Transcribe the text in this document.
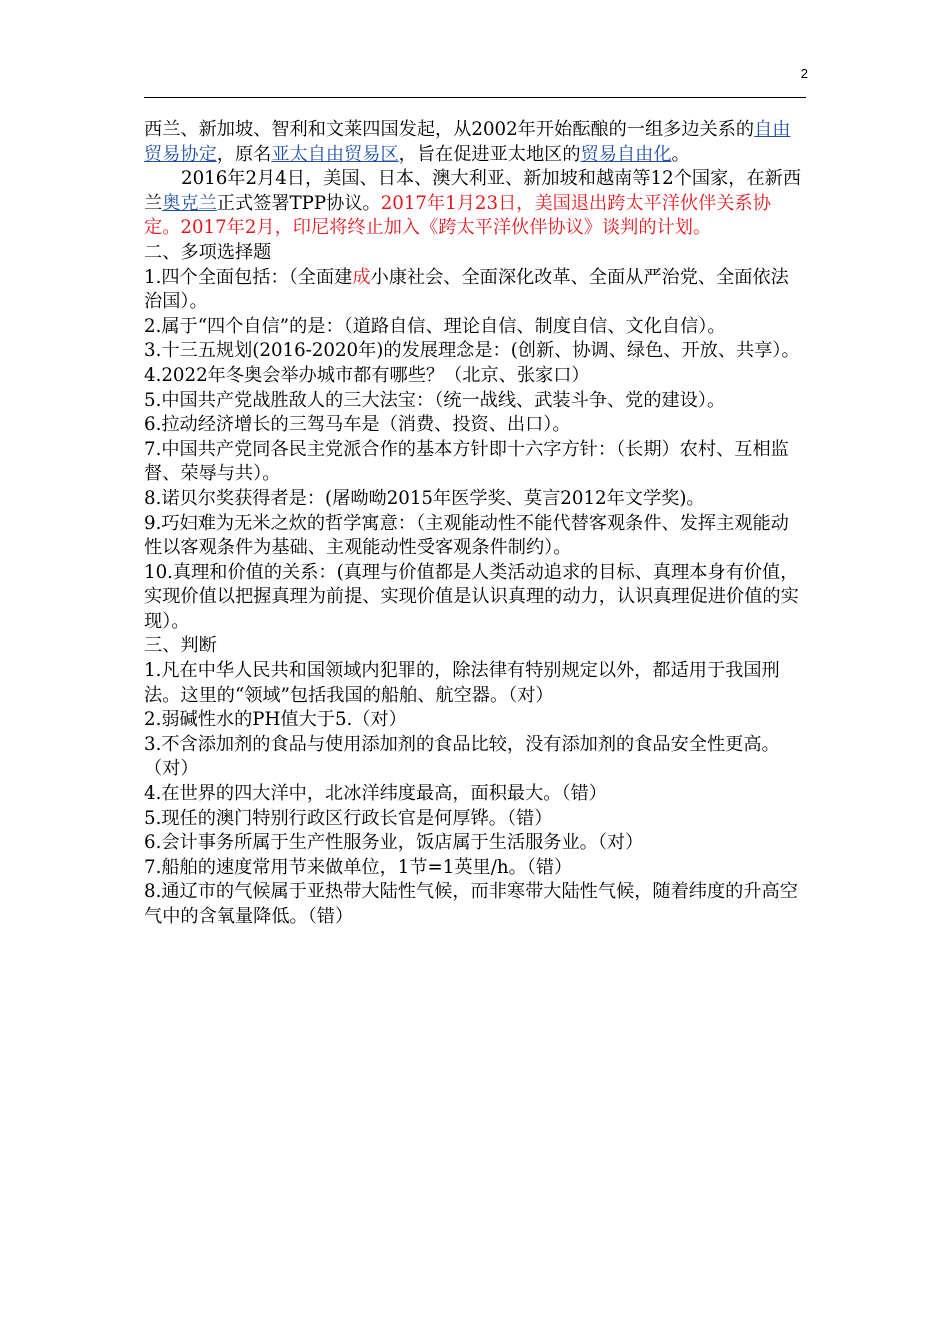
2

西兰、新加坡、智利和文莱四国发起，从2002年开始酝酿的一组多边关系的自由贸易协定，原名亚太自由贸易区，旨在促进亚太地区的贸易自由化。

2016年2月4日，美国、日本、澳大利亚、新加坡和越南等12个国家，在新西兰奥克兰正式签署TPP协议。2017年1月23日，美国退出跨太平洋伙伴关系协定。2017年2月，印尼将终止加入《跨太平洋伙伴协议》谈判的计划。

二、多项选择题

1.四个全面包括：（全面建成小康社会、全面深化改革、全面从严治党、全面依法治国）。

2.属于“四个自信”的是：（道路自信、理论自信、制度自信、文化自信）。

3.十三五规划(2016-2020年)的发展理念是：(创新、协调、绿色、开放、共享）。

4.2022年冬奥会举办城市都有哪些？（北京、张家口）

5.中国共产党战胜敌人的三大法宝：（统一战线、武装斗争、党的建设）。

6.拉动经济增长的三驾马车是（消费、投资、出口）。

7.中国共产党同各民主党派合作的基本方针即十六字方针：（长期）农村、互相监督、荣辱与共）。

8.诺贝尔奖获得者是：(屠呦呦2015年医学奖、莫言2012年文学奖)。

9.巧妇难为无米之炊的哲学寓意：（主观能动性不能代替客观条件、发挥主观能动性以客观条件为基础、主观能动性受客观条件制约）。

10.真理和价值的关系：(真理与价值都是人类活动追求的目标、真理本身有价值，实现价值以把握真理为前提、实现价值是认识真理的动力，认识真理促进价值的实现）。

三、判断

1.凡在中华人民共和国领域内犯罪的，除法律有特别规定以外，都适用于我国刑法。这里的“领域”包括我国的船舶、航空器。（对）

2.弱碱性水的PH值大于5.（对）

3.不含添加剂的食品与使用添加剂的食品比较，没有添加剂的食品安全性更高。（对）

4.在世界的四大洋中，北冰洋纬度最高，面积最大。（错）

5.现任的澳门特别行政区行政长官是何厚铧。（错）

6.会计事务所属于生产性服务业，饭店属于生活服务业。（对）

7.船舶的速度常用节来做单位，1节=1英里/h。（错）

8.通辽市的气候属于亚热带大陆性气候，而非寒带大陆性气候，随着纬度的升高空气中的含氧量降低。（错）
